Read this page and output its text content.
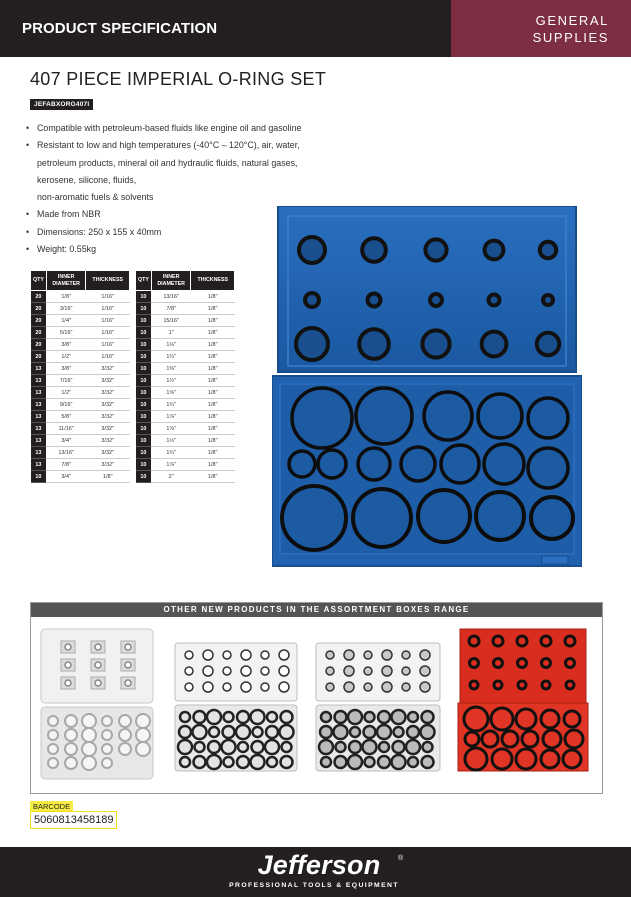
PRODUCT SPECIFICATION	GENERAL
SUPPLIES
407 PIECE IMPERIAL O-RING SET
JEFABXORG407I
• Compatible with petroleum-based fluids like engine oil and gasoline
• Resistant to low and high temperatures (-40°C – 120°C), air, water,
petroleum products, mineral oil and hydraulic fluids, natural gases,
kerosene, silicone, fluids,
non-aromatic fuels & solvents
• Made from NBR
• Dimensions: 250 x 155 x 40mm
• Weight: 0.55kg
QTY	INNER DIAMETER	THICKNESS
20	1/8"	1/16"
20	3/16"	1/16"
20	1/4"	1/16"
20	5/16"	1/16"
20	3/8"	1/16"
20	1/2"	1/16"
13	3/8"	3/32"
13	7/16"	3/32"
13	1/2"	3/32"
13	9/16"	3/32"
13	5/8"	3/32"
13	11/16"	3/32"
13	3/4"	3/32"
13	13/16"	3/32"
13	7/8"	3/32"
10	3/4"	1/8"
QTY	INNER DIAMETER	THICKNESS
10	13/16"	1/8"
10	7/8"	1/8"
10	15/16"	1/8"
10	1"	1/8"
10	1⅛"	1/8"
10	1¼"	1/8"
10	1⅜"	1/8"
10	1½"	1/8"
10	1⅝"	1/8"
10	1¾"	1/8"
10	1⅞"	1/8"
10	1⅞"	1/8"
10	1½"	1/8"
10	1¾"	1/8"
10	1⅞"	1/8"
10	2"	1/8"
OTHER NEW PRODUCTS IN THE ASSORTMENT BOXES RANGE
BARCODE
5060813458189
Jefferson	®
PROFESSIONAL TOOLS & EQUIPMENT
